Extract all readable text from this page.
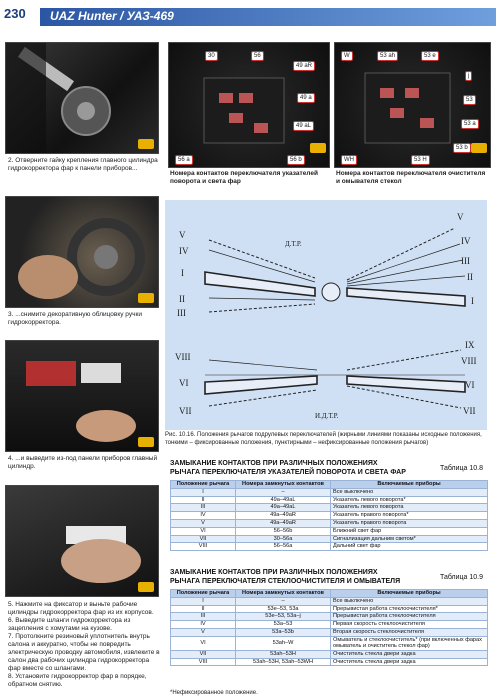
230 UAZ Hunter / УАЗ-469
2. Отверните гайку крепления главного цилиндра гидрокорректора фар к панели приборов...
3. ...снимите декоративную облицовку ручки гидрокорректора.
4. ...и выведите из-под панели приборов главный цилиндр.
5. Нажмите на фиксатор и выньте рабочие цилиндры гидрокорректора фар из их корпусов.
6. Выведите шланги гидрокорректора из зацепления с хомутами на кузове.
7. Протолкните резиновый уплотнитель внутрь салона и аккуратно, чтобы не повредить электрическую проводку автомобиля, извлеките в салон два рабочих цилиндра гидрокорректора фар вместе со шлангами.
8. Установите гидрокорректор фар в порядке, обратном снятию.
30	56
49 aR
49 a
49 aL
56 a	56 b
Номера контактов переключателя указателей поворота и света фар
W	53 ah	53 e
j
53
53 a
53 b
WH	53 H
Номера контактов переключателя очистителя и омывателя стекол
V
IV
I
II
III
V
IV
III
II
I
Д.Т.Р.
VIII
VI
VII
IX
VIII
VI
VII
И.Д.Т.Р.
Рис. 10.16. Положения рычагов подрулевых переключателей (жирными линиями показаны исходные положения, тонкими – фиксированные положения, пунктирными – нефиксированные положения рычагов)
ЗАМЫКАНИЕ КОНТАКТОВ ПРИ РАЗЛИЧНЫХ ПОЛОЖЕНИЯХ
РЫЧАГА ПЕРЕКЛЮЧАТЕЛЯ УКАЗАТЕЛЕЙ ПОВОРОТА И СВЕТА ФАР
Таблица 10.8
Положение рычага	Номера замкнутых контактов	Включаемые приборы
I	–	Все выключено
II	49a–49aL	Указатель левого поворота*
III	49a–49aL	Указатель левого поворота
IV	49a–49aR	Указатель правого поворота*
V	49a–49aR	Указатель правого поворота
VI	56–56b	Ближний свет фар
VII	30–56a	Сигнализация дальним светом*
VIII	56–56a	Дальний свет фар
ЗАМЫКАНИЕ КОНТАКТОВ ПРИ РАЗЛИЧНЫХ ПОЛОЖЕНИЯХ
РЫЧАГА ПЕРЕКЛЮЧАТЕЛЯ СТЕКЛООЧИСТИТЕЛЯ И ОМЫВАТЕЛЯ
Таблица 10.9
Положение рычага	Номера замкнутых контактов	Включаемые приборы
I	–	Все выключено
II	53e–53, 53a	Прерывистая работа стеклоочистителя*
III	53e–53, 53a–j	Прерывистая работа стеклоочистителя
IV	53a–53	Первая скорость стеклоочистителя
V	53a–53b	Вторая скорость стеклоочистителя
VI	53ah–W	Омыватель и стеклоочиститель* (при включенных фарах омыватель и очиститель стекол фар)
VII	53ah–53H	Очиститель стекла двери задка
VIII	53ah–53H, 53ah–53WH	Очиститель стекла двери задка
*Нефиксированное положение.
